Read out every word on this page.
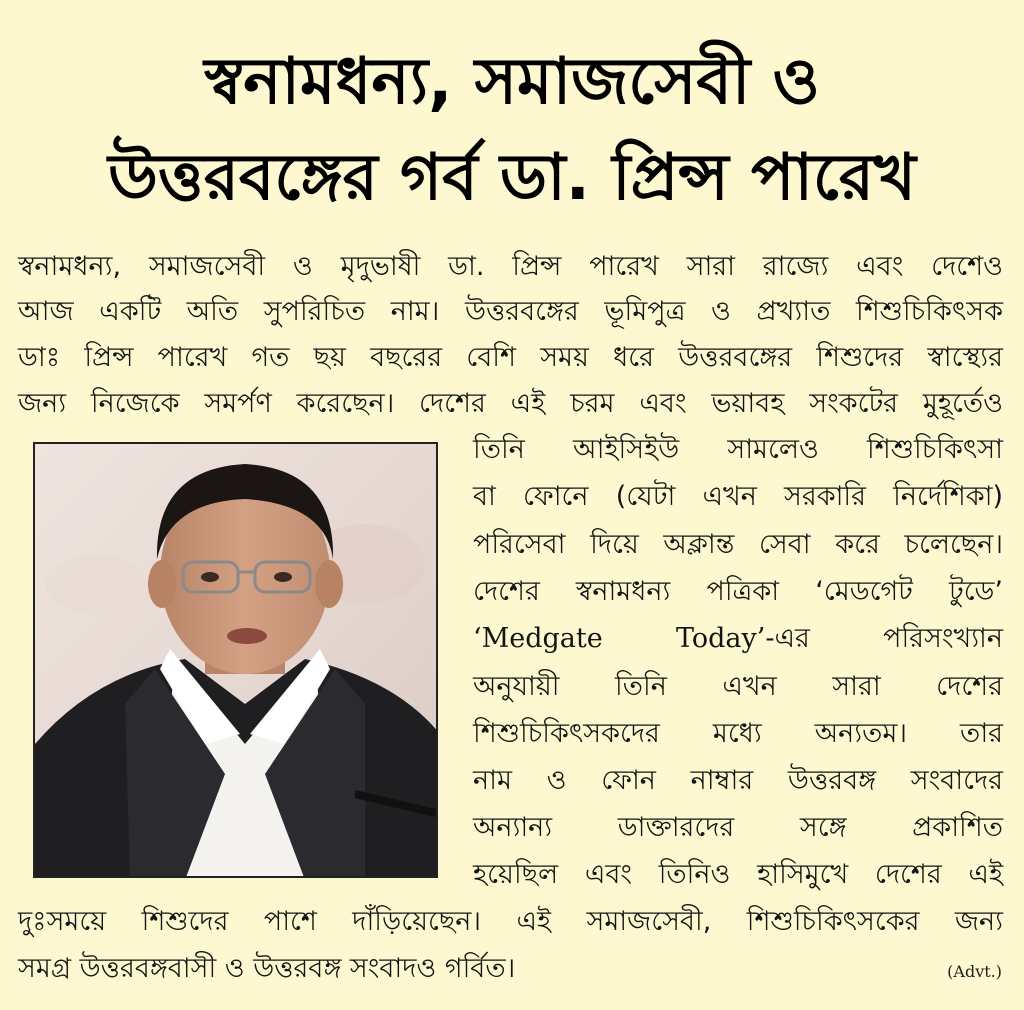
স্বনামধন্য, সমাজসেবী ও
উত্তরবঙ্গের গর্ব ডা. প্রিন্স পারেখ
স্বনামধন্য, সমাজসেবী ও মৃদুভাষী ডা. প্রিন্স পারেখ সারা রাজ্যে এবং দেশেও
আজ একটি অতি সুপরিচিত নাম। উত্তরবঙ্গের ভূমিপুত্র ও প্রখ্যাত শিশুচিকিৎসক
ডাঃ প্রিন্স পারেখ গত ছয় বছরের বেশি সময় ধরে উত্তরবঙ্গের শিশুদের স্বাস্থ্যের
জন্য নিজেকে সমর্পণ করেছেন। দেশের এই চরম এবং ভয়াবহ সংকটের মুহূর্তেও
তিনি আইসিইউ সামলেও শিশুচিকিৎসা
বা ফোনে (যেটা এখন সরকারি নির্দেশিকা)
পরিসেবা দিয়ে অক্লান্ত সেবা করে চলেছেন।
দেশের স্বনামধন্য পত্রিকা ‘মেডগেট টুডে’
‘Medgate Today’-এর পরিসংখ্যান
অনুযায়ী তিনি এখন সারা দেশের
শিশুচিকিৎসকদের মধ্যে অন্যতম। তার
নাম ও ফোন নাম্বার উত্তরবঙ্গ সংবাদের
অন্যান্য ডাক্তারদের সঙ্গে প্রকাশিত
হয়েছিল এবং তিনিও হাসিমুখে দেশের এই
দুঃসময়ে শিশুদের পাশে দাঁড়িয়েছেন। এই সমাজসেবী, শিশুচিকিৎসকের জন্য
সমগ্র উত্তরবঙ্গবাসী ও উত্তরবঙ্গ সংবাদও গর্বিত।	(Advt.)
